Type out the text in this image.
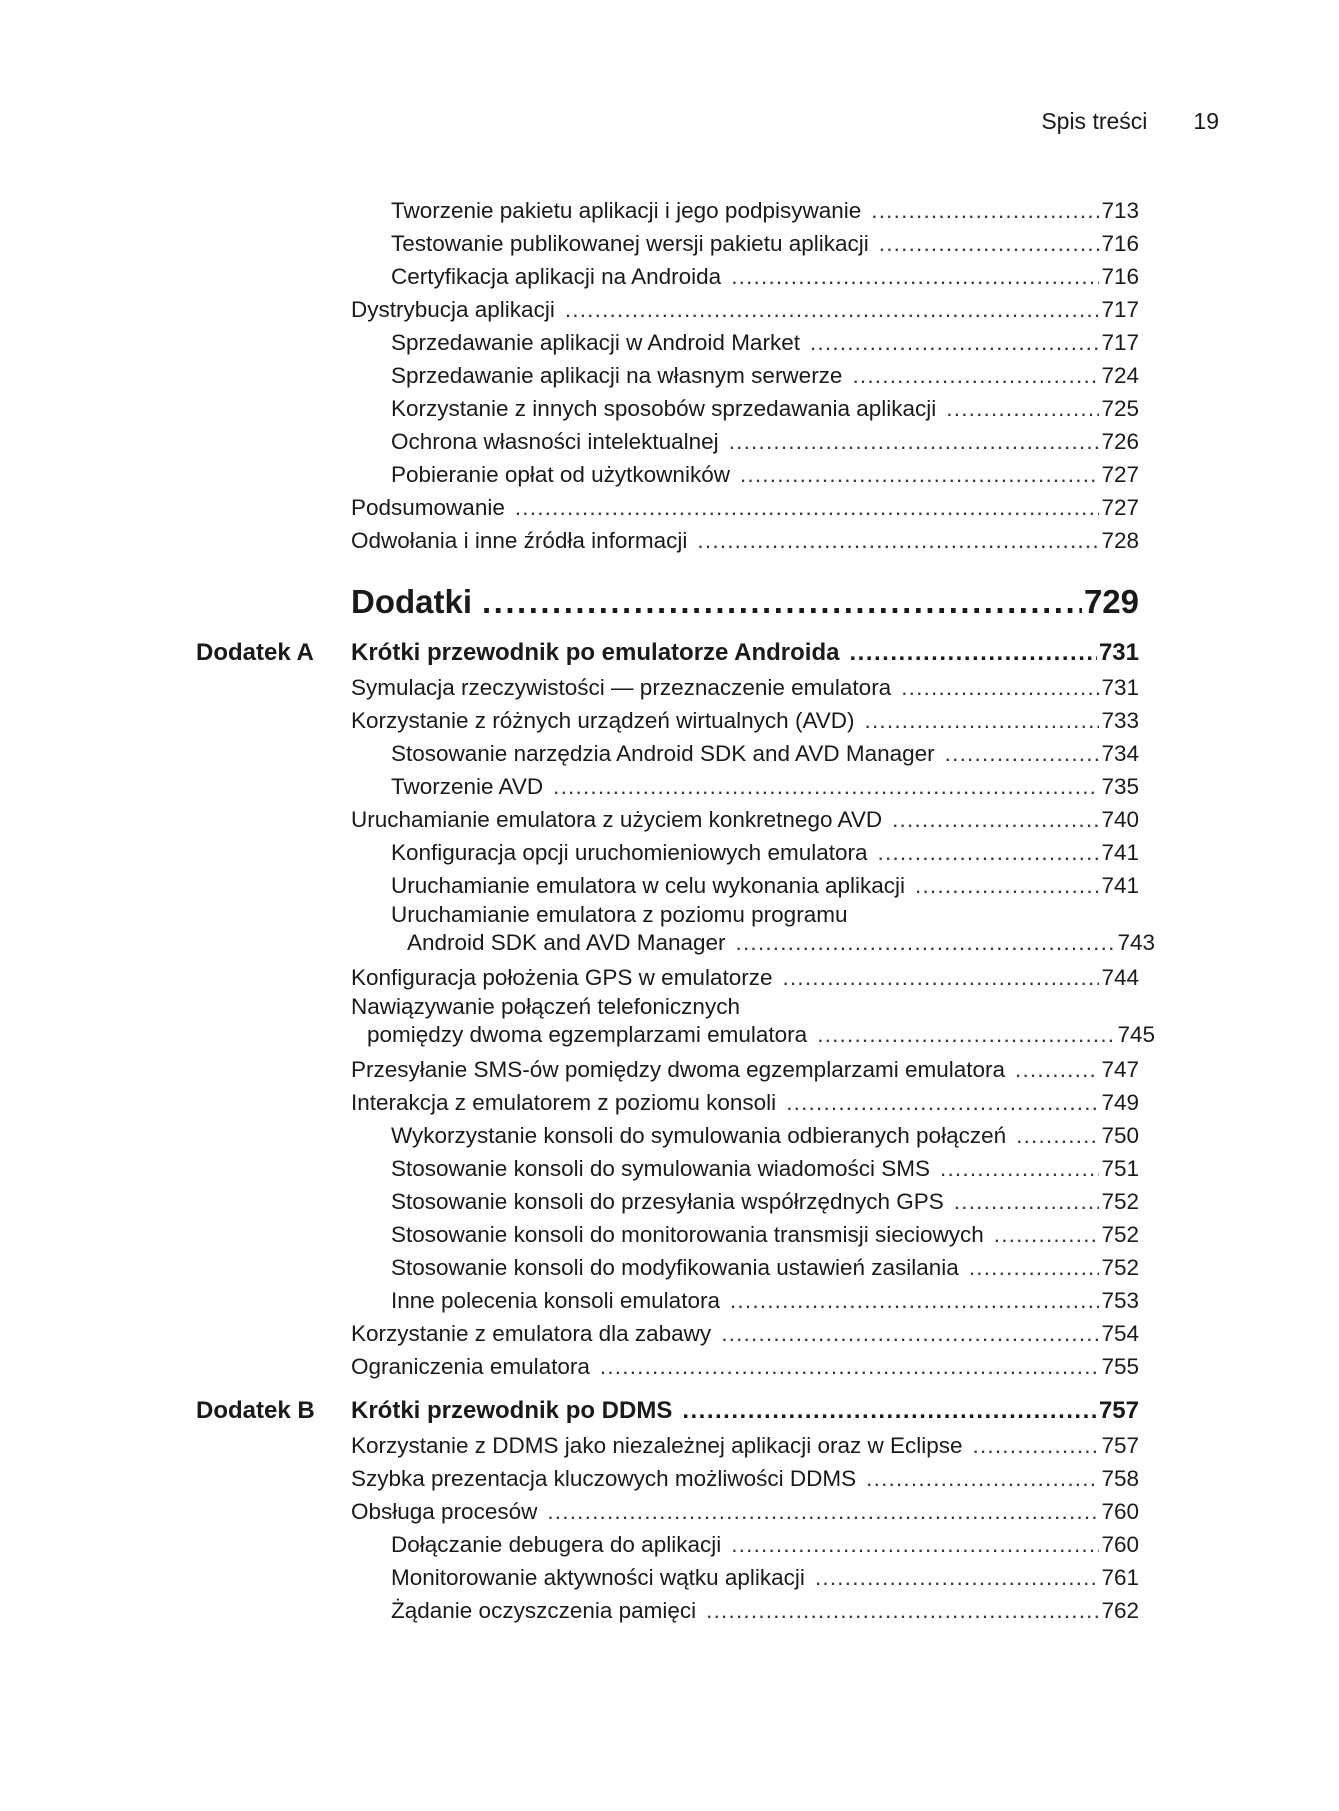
Spis treści 19
Tworzenie pakietu aplikacji i jego podpisywanie .....	713
Testowanie publikowanej wersji pakietu aplikacji .....	716
Certyfikacja aplikacji na Androida .....	716
Dystrybucja aplikacji .....	717
Sprzedawanie aplikacji w Android Market .....	717
Sprzedawanie aplikacji na własnym serwerze .....	724
Korzystanie z innych sposobów sprzedawania aplikacji .....	725
Ochrona własności intelektualnej .....	726
Pobieranie opłat od użytkowników .....	727
Podsumowanie .....	727
Odwołania i inne źródła informacji .....	728
Dodatki .....	729
Dodatek A Krótki przewodnik po emulatorze Androida .....	731
Symulacja rzeczywistości — przeznaczenie emulatora .....	731
Korzystanie z różnych urządzeń wirtualnych (AVD) .....	733
Stosowanie narzędzia Android SDK and AVD Manager .....	734
Tworzenie AVD .....	735
Uruchamianie emulatora z użyciem konkretnego AVD .....	740
Konfiguracja opcji uruchomieniowych emulatora .....	741
Uruchamianie emulatora w celu wykonania aplikacji .....	741
Uruchamianie emulatora z poziomu programu
Android SDK and AVD Manager .....	743
Konfiguracja położenia GPS w emulatorze .....	744
Nawiązywanie połączeń telefonicznych
pomiędzy dwoma egzemplarzami emulatora .....	745
Przesyłanie SMS-ów pomiędzy dwoma egzemplarzami emulatora .....	747
Interakcja z emulatorem z poziomu konsoli .....	749
Wykorzystanie konsoli do symulowania odbieranych połączeń .....	750
Stosowanie konsoli do symulowania wiadomości SMS .....	751
Stosowanie konsoli do przesyłania współrzędnych GPS .....	752
Stosowanie konsoli do monitorowania transmisji sieciowych .....	752
Stosowanie konsoli do modyfikowania ustawień zasilania .....	752
Inne polecenia konsoli emulatora .....	753
Korzystanie z emulatora dla zabawy .....	754
Ograniczenia emulatora .....	755
Dodatek B Krótki przewodnik po DDMS .....	757
Korzystanie z DDMS jako niezależnej aplikacji oraz w Eclipse .....	757
Szybka prezentacja kluczowych możliwości DDMS .....	758
Obsługa procesów .....	760
Dołączanie debugera do aplikacji .....	760
Monitorowanie aktywności wątku aplikacji .....	761
Żądanie oczyszczenia pamięci .....	762
